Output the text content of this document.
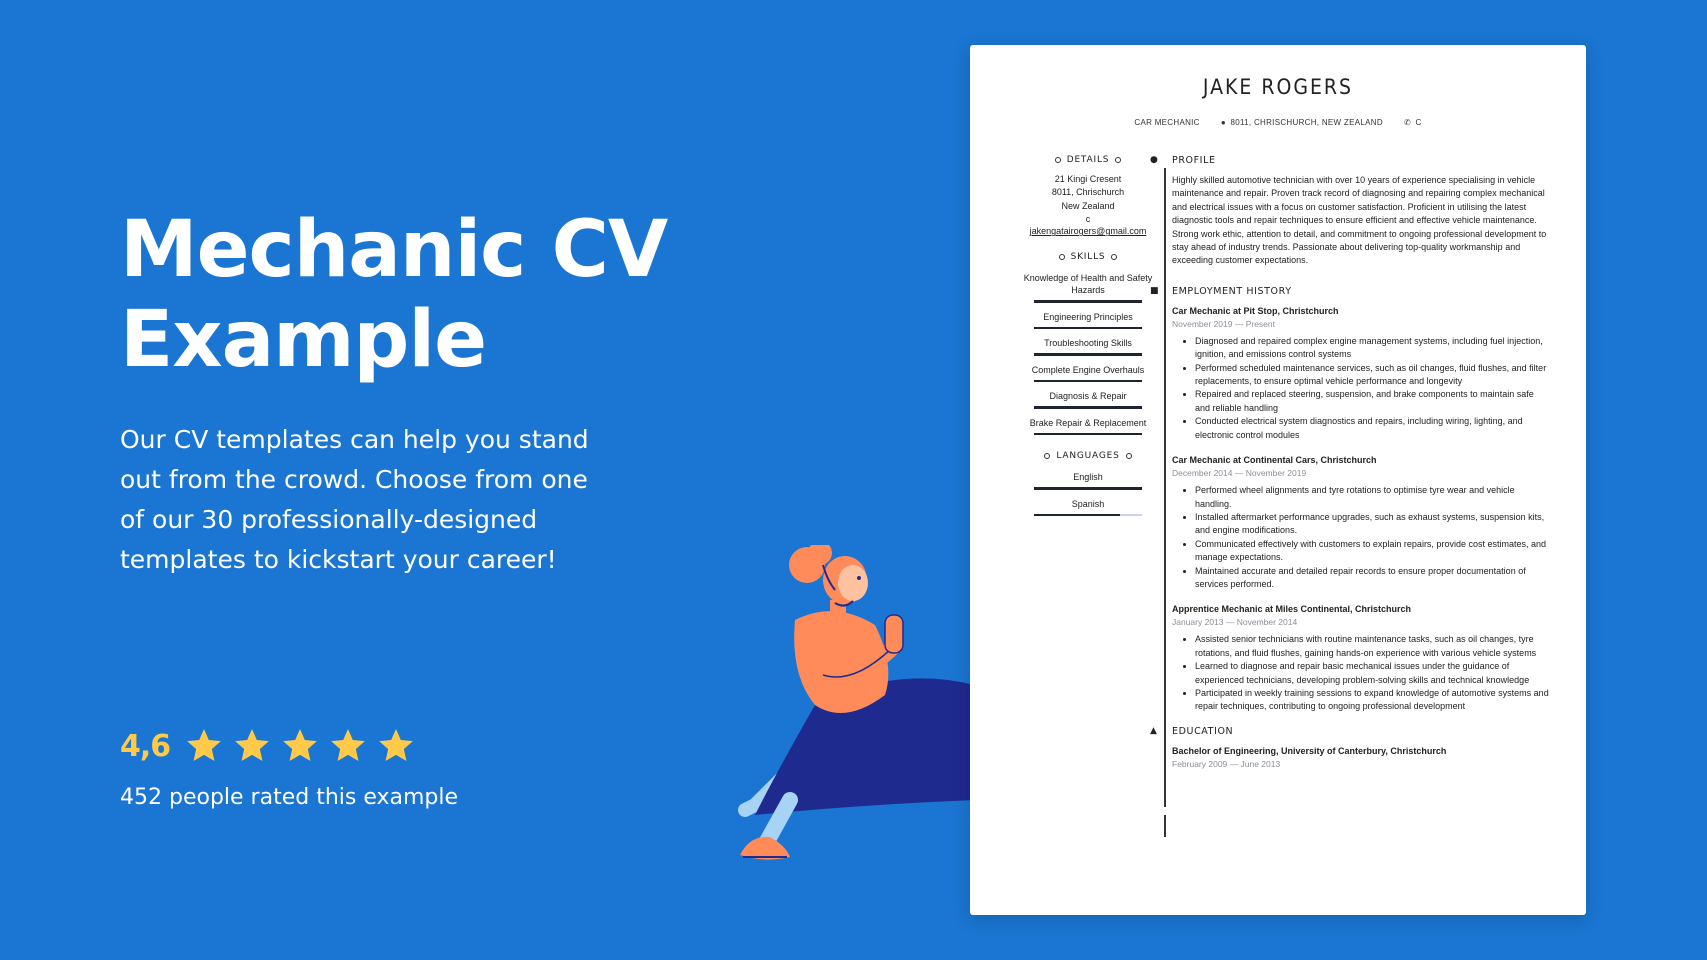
Mechanic CV
Example

Our CV templates can help you stand out from the crowd. Choose from one of our 30 professionally-designed templates to kickstart your career!

4,6

452 people rated this example

JAKE ROGERS
CAR MECHANIC	● 8011, CHRISCHURCH, NEW ZEALAND	✆ C
DETAILS
21 Kingi Cresent
8011, Chrischurch
New Zealand
c
jakengatairogers@gmail.com
SKILLS
Knowledge of Health and Safety Hazards
Engineering Principles
Troubleshooting Skills
Complete Engine Overhauls
Diagnosis & Repair
Brake Repair & Replacement
LANGUAGES
English
Spanish
● PROFILE

Highly skilled automotive technician with over 10 years of experience specialising in vehicle maintenance and repair. Proven track record of diagnosing and repairing complex mechanical and electrical issues with a focus on customer satisfaction. Proficient in utilising the latest diagnostic tools and repair techniques to ensure efficient and effective vehicle maintenance. Strong work ethic, attention to detail, and commitment to ongoing professional development to stay ahead of industry trends. Passionate about delivering top-quality workmanship and exceeding customer expectations.

■ EMPLOYMENT HISTORY

Car Mechanic at Pit Stop, Christchurch

November 2019 — Present

• Diagnosed and repaired complex engine management systems, including fuel injection, ignition, and emissions control systems
• Performed scheduled maintenance services, such as oil changes, fluid flushes, and filter replacements, to ensure optimal vehicle performance and longevity
• Repaired and replaced steering, suspension, and brake components to maintain safe and reliable handling
• Conducted electrical system diagnostics and repairs, including wiring, lighting, and electronic control modules

Car Mechanic at Continental Cars, Christchurch

December 2014 — November 2019

• Performed wheel alignments and tyre rotations to optimise tyre wear and vehicle handling.
• Installed aftermarket performance upgrades, such as exhaust systems, suspension kits, and engine modifications.
• Communicated effectively with customers to explain repairs, provide cost estimates, and manage expectations.
• Maintained accurate and detailed repair records to ensure proper documentation of services performed.

Apprentice Mechanic at Miles Continental, Christchurch

January 2013 — November 2014

• Assisted senior technicians with routine maintenance tasks, such as oil changes, tyre rotations, and fluid flushes, gaining hands-on experience with various vehicle systems
• Learned to diagnose and repair basic mechanical issues under the guidance of experienced technicians, developing problem-solving skills and technical knowledge
• Participated in weekly training sessions to expand knowledge of automotive systems and repair techniques, contributing to ongoing professional development
▲ EDUCATION

Bachelor of Engineering, University of Canterbury, Christchurch

February 2009 — June 2013
